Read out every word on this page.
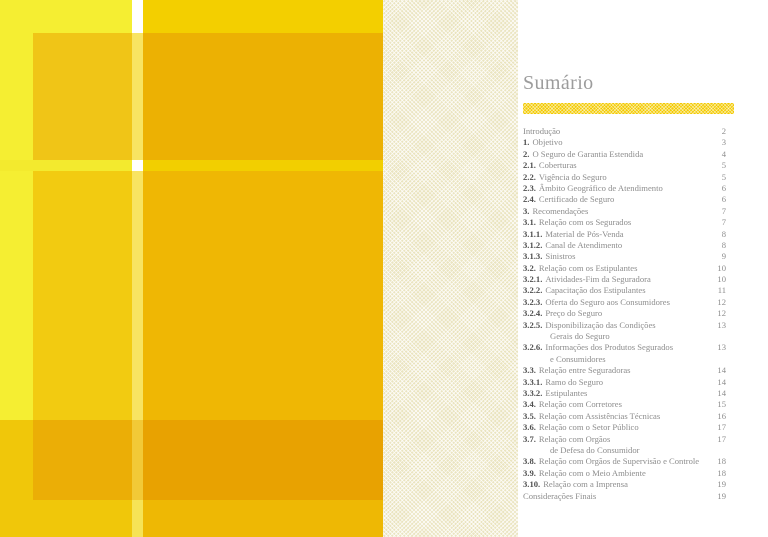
Sumário
Introdução	2
1. Objetivo	3
2. O Seguro de Garantia Estendida	4
2.1. Coberturas	5
2.2. Vigência do Seguro	5
2.3. Âmbito Geográfico de Atendimento	6
2.4. Certificado de Seguro	6
3. Recomendações	7
3.1. Relação com os Segurados	7
3.1.1. Material de Pós-Venda	8
3.1.2. Canal de Atendimento	8
3.1.3. Sinistros	9
3.2. Relação com os Estipulantes	10
3.2.1. Atividades-Fim da Seguradora	10
3.2.2. Capacitação dos Estipulantes	11
3.2.3. Oferta do Seguro aos Consumidores	12
3.2.4. Preço do Seguro	12
3.2.5. Disponibilização das Condições	13
Gerais do Seguro
3.2.6. Informações dos Produtos Segurados	13
e Consumidores
3.3. Relação entre Seguradoras	14
3.3.1. Ramo do Seguro	14
3.3.2. Estipulantes	14
3.4. Relação com Corretores	15
3.5. Relação com Assistências Técnicas	16
3.6. Relação com o Setor Público	17
3.7. Relação com Orgãos	17
de Defesa do Consumidor
3.8. Relação com Orgãos de Supervisão e Controle	18
3.9. Relação com o Meio Ambiente	18
3.10. Relação com a Imprensa	19
Considerações Finais	19
